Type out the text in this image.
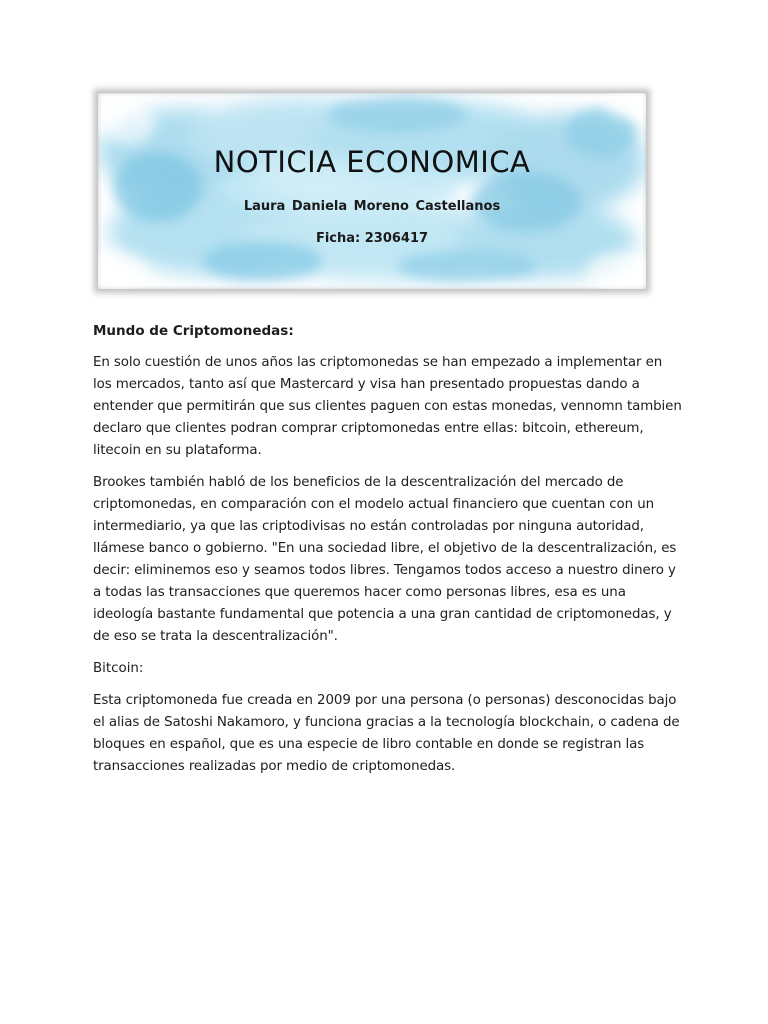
NOTICIA ECONOMICA
Laura Daniela Moreno Castellanos
Ficha: 2306417
Mundo de Criptomonedas:

En solo cuestión de unos años las criptomonedas se han empezado a implementar en los mercados, tanto así que Mastercard y visa han presentado propuestas dando a entender que permitirán que sus clientes paguen con estas monedas, vennomn tambien declaro que clientes podran comprar criptomonedas entre ellas: bitcoin, ethereum, litecoin en su plataforma.

Brookes también habló de los beneficios de la descentralización del mercado de criptomonedas, en comparación con el modelo actual financiero que cuentan con un intermediario, ya que las criptodivisas no están controladas por ninguna autoridad, llámese banco o gobierno. "En una sociedad libre, el objetivo de la descentralización, es decir: eliminemos eso y seamos todos libres. Tengamos todos acceso a nuestro dinero y a todas las transacciones que queremos hacer como personas libres, esa es una ideología bastante fundamental que potencia a una gran cantidad de criptomonedas, y de eso se trata la descentralización".

Bitcoin:

Esta criptomoneda fue creada en 2009 por una persona (o personas) desconocidas bajo el alias de Satoshi Nakamoro, y funciona gracias a la tecnología blockchain, o cadena de bloques en español, que es una especie de libro contable en donde se registran las transacciones realizadas por medio de criptomonedas.
